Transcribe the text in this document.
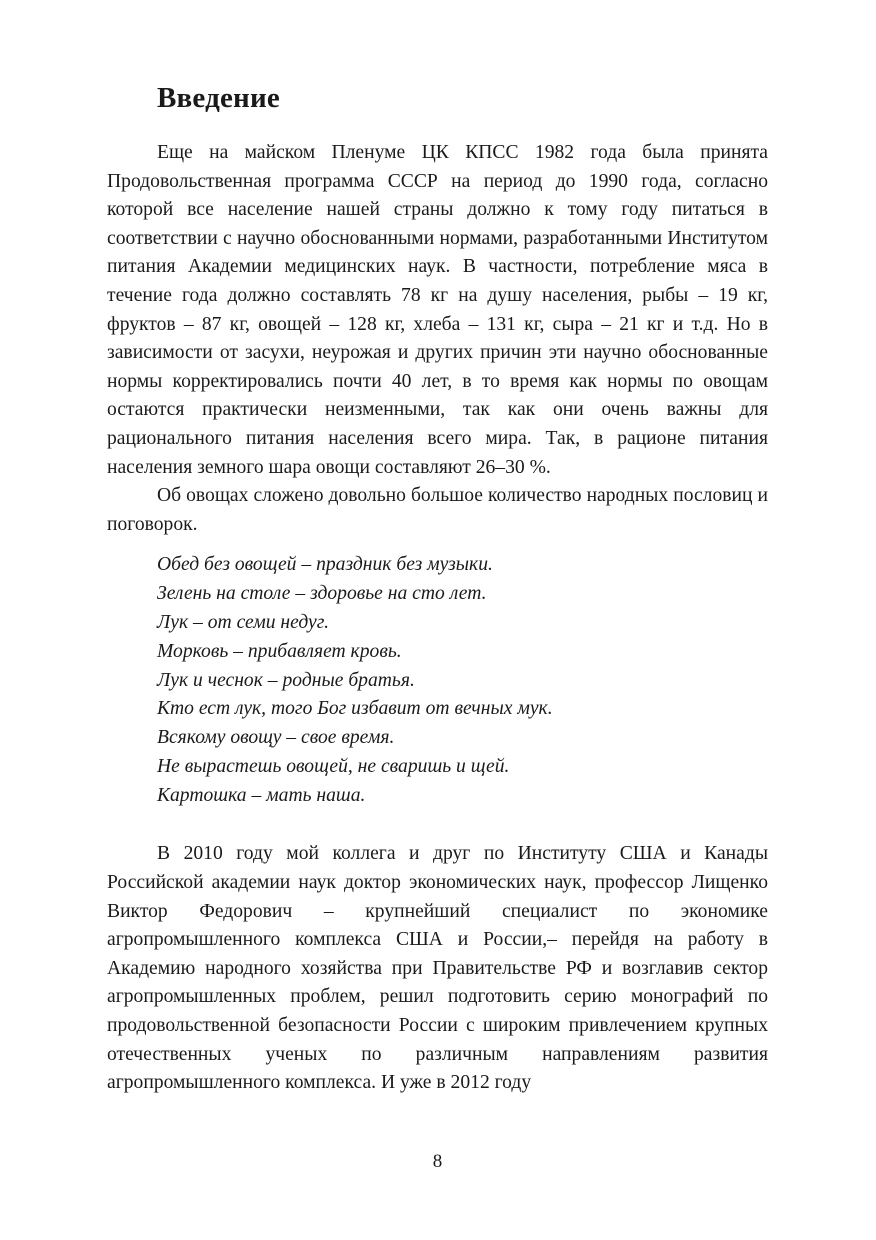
Введение

Еще на майском Пленуме ЦК КПСС 1982 года была принята Продовольственная программа СССР на период до 1990 года, согласно которой все население нашей страны должно к тому году питаться в соответствии с научно обоснованными нормами, разработанными Институтом питания Академии медицинских наук. В частности, потребление мяса в течение года должно составлять 78 кг на душу населения, рыбы – 19 кг, фруктов – 87 кг, овощей – 128 кг, хлеба – 131 кг, сыра – 21 кг и т.д. Но в зависимости от засухи, неурожая и других причин эти научно обоснованные нормы корректировались почти 40 лет, в то время как нормы по овощам остаются практически неизменными, так как они очень важны для рационального питания населения всего мира. Так, в рационе питания населения земного шара овощи составляют 26–30 %.

Об овощах сложено довольно большое количество народных пословиц и поговорок.

Обед без овощей – праздник без музыки.
Зелень на столе – здоровье на сто лет.
Лук – от семи недуг.
Морковь – прибавляет кровь.
Лук и чеснок – родные братья.
Кто ест лук, того Бог избавит от вечных мук.
Всякому овощу – свое время.
Не вырастешь овощей, не сваришь и щей.
Картошка – мать наша.

В 2010 году мой коллега и друг по Институту США и Канады Российской академии наук доктор экономических наук, профессор Лищенко Виктор Федорович – крупнейший специалист по экономике агропромышленного комплекса США и России,– перейдя на работу в Академию народного хозяйства при Правительстве РФ и возглавив сектор агропромышленных проблем, решил подготовить серию монографий по продовольственной безопасности России с широким привлечением крупных отечественных ученых по различным направлениям развития агропромышленного комплекса. И уже в 2012 году

8
